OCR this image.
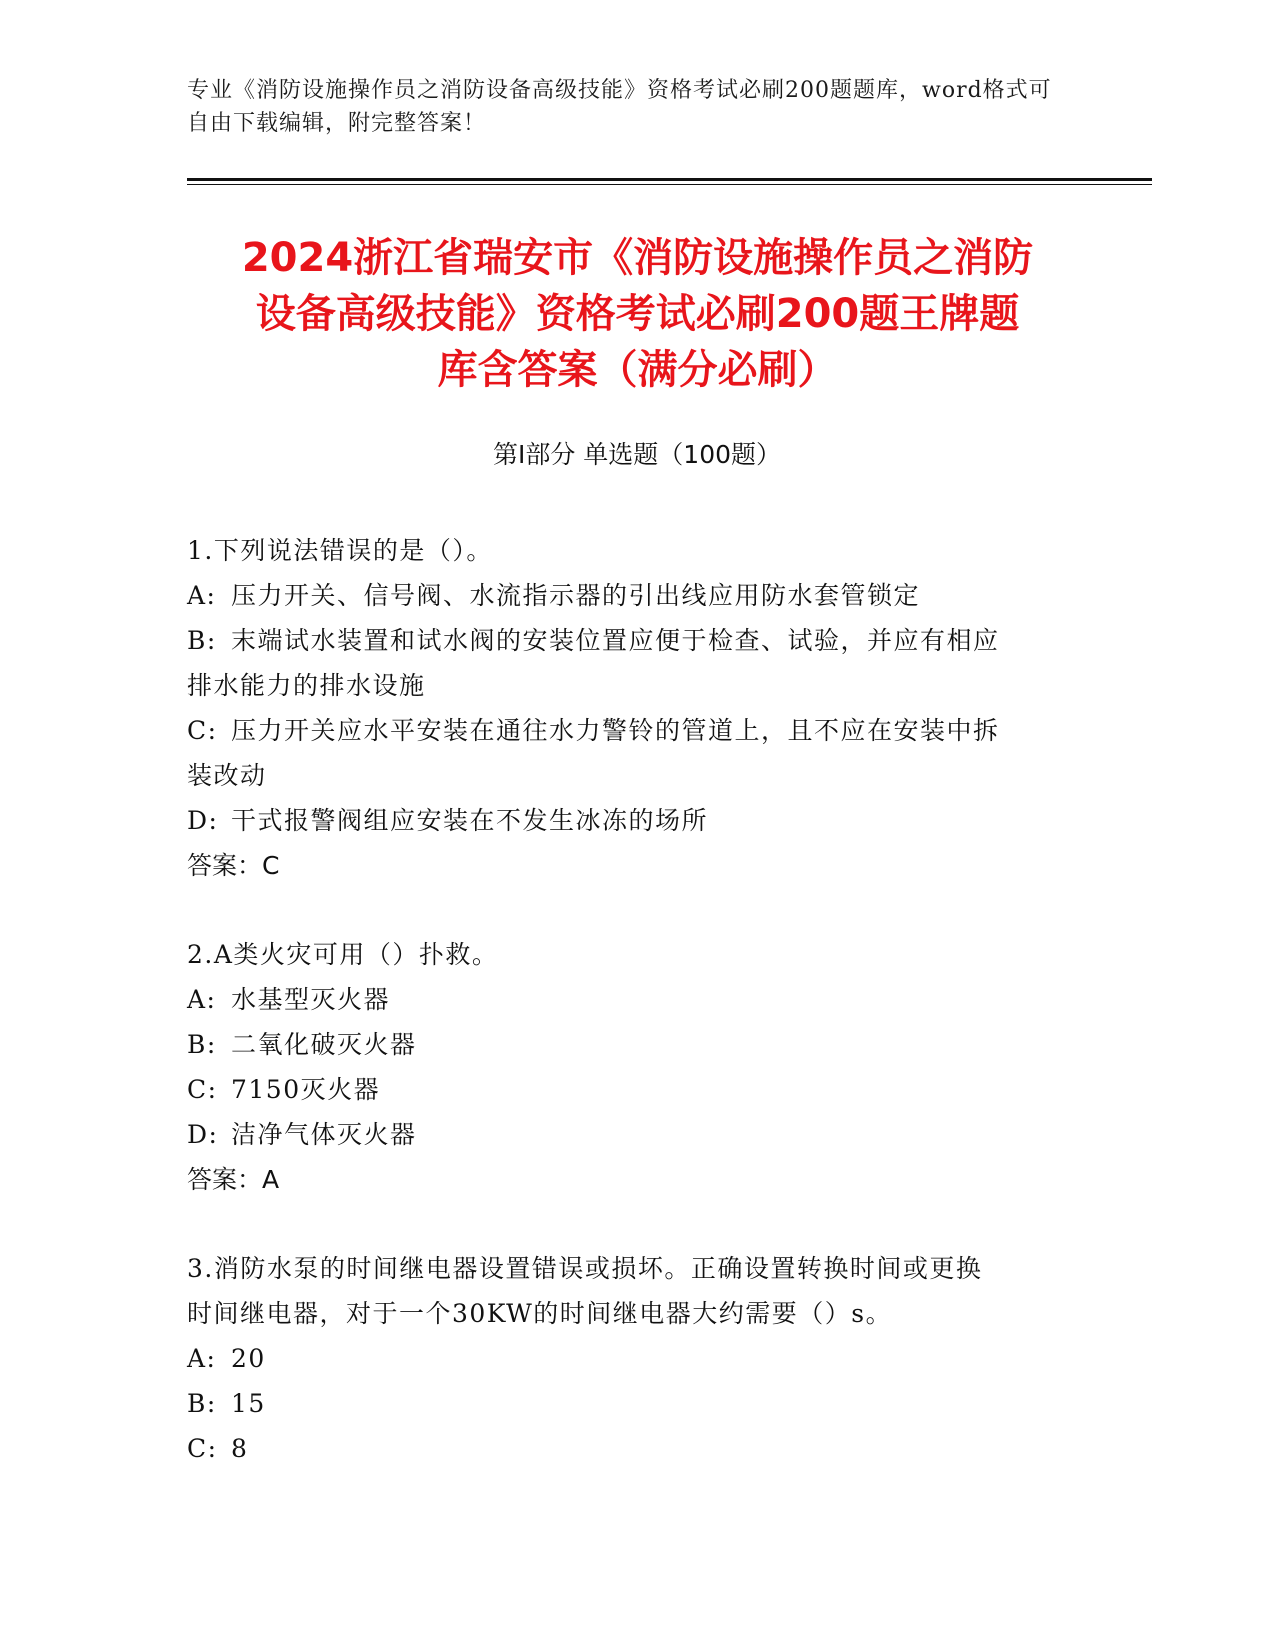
专业《消防设施操作员之消防设备高级技能》资格考试必刷200题题库，word格式可自由下载编辑，附完整答案！
2024浙江省瑞安市《消防设施操作员之消防
设备高级技能》资格考试必刷200题王牌题
库含答案（满分必刷）
第Ⅰ部分 单选题（100题）
1.下列说法错误的是（）。
A: 压力开关、信号阀、水流指示器的引出线应用防水套管锁定
B: 末端试水装置和试水阀的安装位置应便于检查、试验，并应有相应
排水能力的排水设施
C: 压力开关应水平安装在通往水力警铃的管道上，且不应在安装中拆
装改动
D: 干式报警阀组应安装在不发生冰冻的场所
答案：C
2.A类火灾可用（）扑救。
A: 水基型灭火器
B: 二氧化破灭火器
C: 7150灭火器
D: 洁净气体灭火器
答案：A
3.消防水泵的时间继电器设置错误或损坏。正确设置转换时间或更换
时间继电器，对于一个30KW的时间继电器大约需要（）s。
A: 20
B: 15
C: 8
